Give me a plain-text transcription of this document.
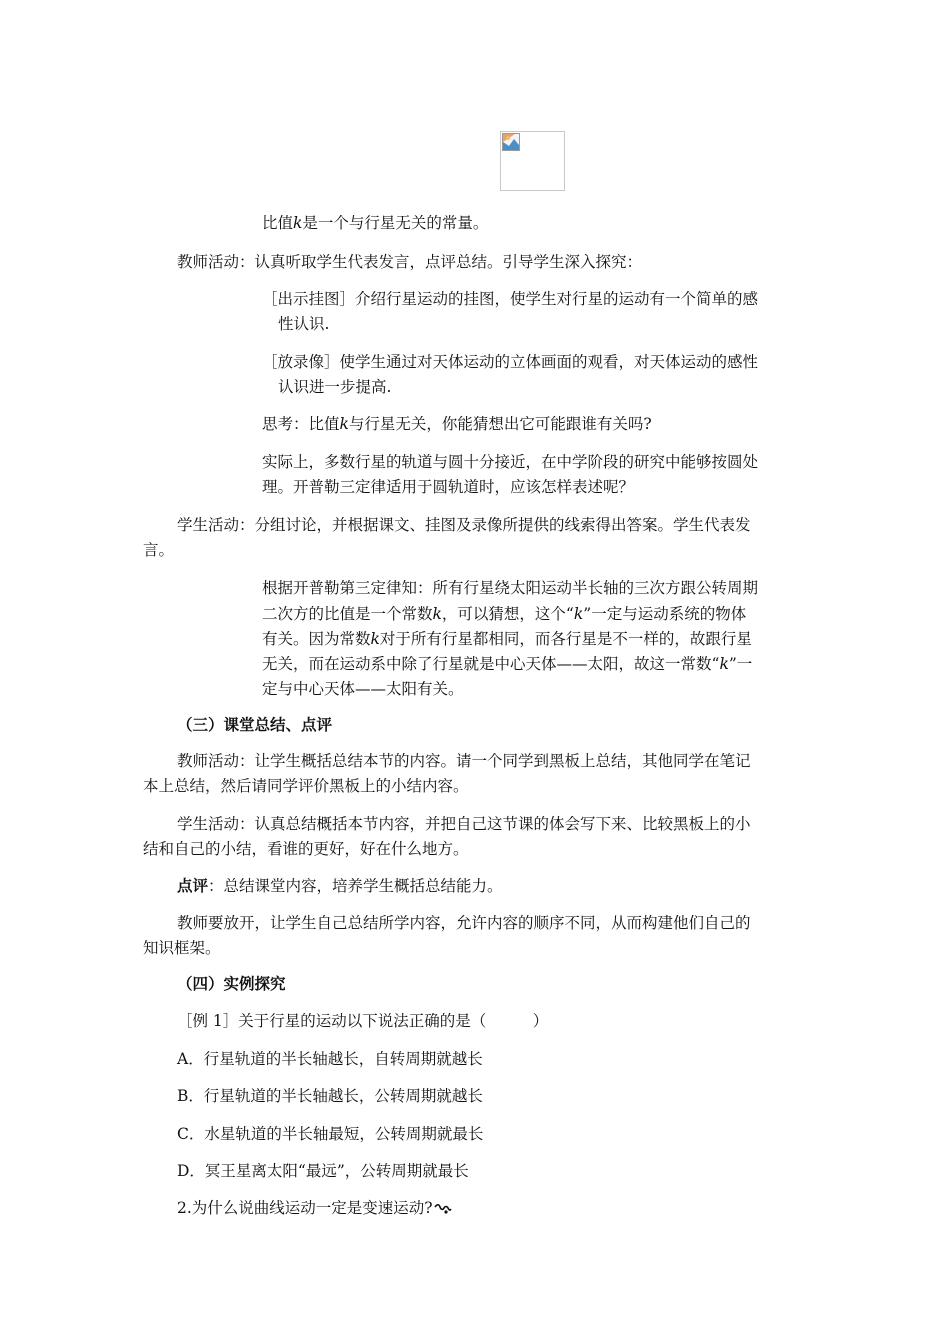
比值k是一个与行星无关的常量。
教师活动：认真听取学生代表发言，点评总结。引导学生深入探究：
［出示挂图］介绍行星运动的挂图，使学生对行星的运动有一个简单的感
性认识.
［放录像］使学生通过对天体运动的立体画面的观看，对天体运动的感性
认识进一步提高.
思考：比值k与行星无关，你能猜想出它可能跟谁有关吗?
实际上，多数行星的轨道与圆十分接近，在中学阶段的研究中能够按圆处
理。开普勒三定律适用于圆轨道时，应该怎样表述呢？
学生活动：分组讨论，并根据课文、挂图及录像所提供的线索得出答案。学生代表发
言。
根据开普勒第三定律知：所有行星绕太阳运动半长轴的三次方跟公转周期
二次方的比值是一个常数k，可以猜想，这个“k”一定与运动系统的物体
有关。因为常数k对于所有行星都相同，而各行星是不一样的，故跟行星
无关，而在运动系中除了行星就是中心天体——太阳，故这一常数“k”一
定与中心天体——太阳有关。
（三）课堂总结、点评
教师活动：让学生概括总结本节的内容。请一个同学到黑板上总结，其他同学在笔记
本上总结，然后请同学评价黑板上的小结内容。
学生活动：认真总结概括本节内容，并把自己这节课的体会写下来、比较黑板上的小
结和自己的小结，看谁的更好，好在什么地方。
点评：总结课堂内容，培养学生概括总结能力。
教师要放开，让学生自己总结所学内容，允许内容的顺序不同，从而构建他们自己的
知识框架。
（四）实例探究
［例 1］关于行星的运动以下说法正确的是（　　　）
A．行星轨道的半长轴越长，自转周期就越长
B．行星轨道的半长轴越长，公转周期就越长
C．水星轨道的半长轴最短，公转周期就最长
D．冥王星离太阳“最远”，公转周期就最长
2.为什么说曲线运动一定是变速运动?
